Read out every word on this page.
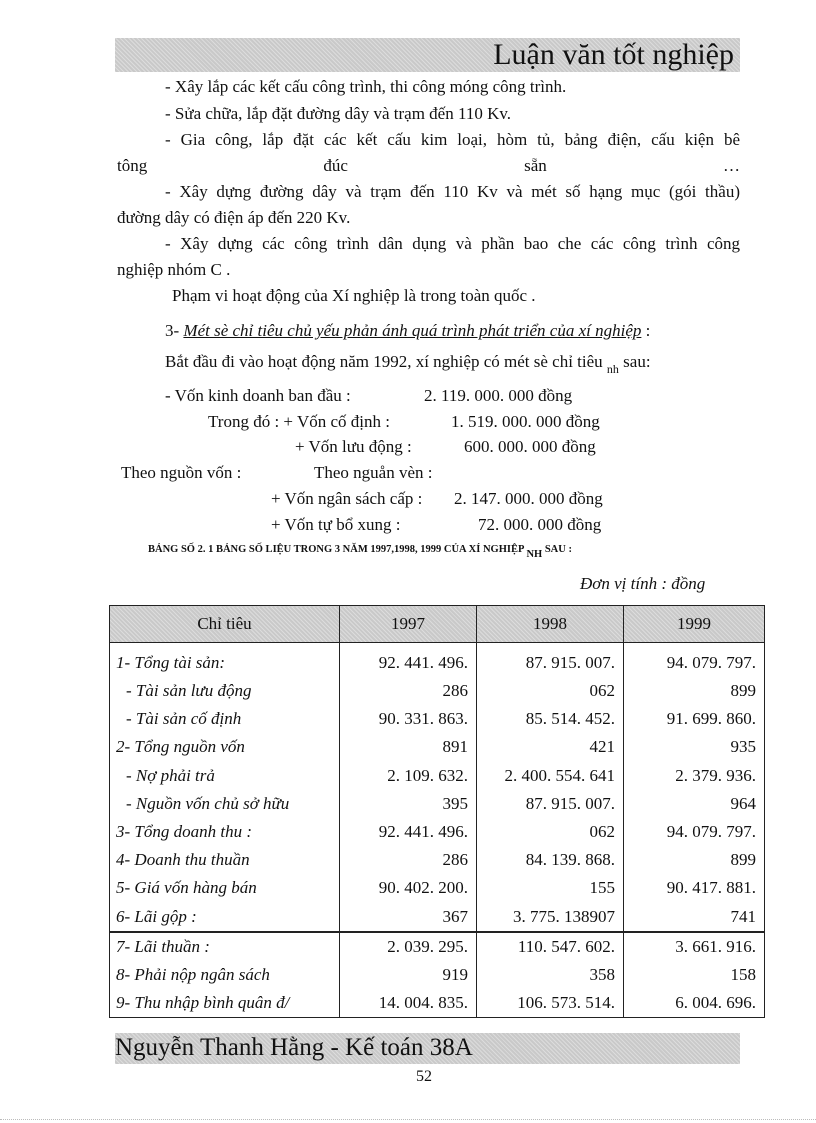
Luận văn tốt nghiệp
- Xây lắp các kết cấu công trình, thi công móng công trình.
- Sửa chữa, lắp đặt đường dây và trạm đến 110 Kv.
- Gia công, lắp đặt các kết cấu kim loại, hòm tủ, bảng điện, cấu kiện bê
tông đúc sẵn …
- Xây dựng đường dây và trạm đến 110 Kv và mét số hạng mục (gói thầu)
đường dây có điện áp đến 220 Kv.
- Xây dựng các công trình dân dụng và phần bao che các công trình công
nghiệp nhóm C .
Phạm vi hoạt động của Xí nghiệp là trong toàn quốc .
3- Mét sè chỉ tiêu chủ yếu phản ánh quá trình phát triển của xí nghiệp :
Bắt đầu đi vào hoạt động năm 1992, xí nghiệp có mét sè chỉ tiêu $_{nh}$ sau:
- Vốn kinh doanh ban đầu :	2. 119. 000. 000 đồng
Trong đó : + Vốn cố định :	1. 519. 000. 000 đồng
+ Vốn lưu động :	600. 000. 000 đồng
Theo nguồn vốn :	Theo nguån vèn :
+ Vốn ngân sách cấp : 2. 147. 000. 000 đồng
+ Vốn tự bổ xung :	72. 000. 000 đồng
BẢNG SỐ 2. 1 BẢNG SỐ LIỆU TRONG 3 NĂM 1997,1998, 1999 CỦA XÍ NGHIỆP NH SAU :
Đơn vị tính : đồng
Chỉ tiêu	1997	1998	1999
1- Tổng tài sản:	92. 441. 496.	87. 915. 007.	94. 079. 797.
- Tài sản lưu động	286	062	899
- Tài sản cố định	90. 331. 863.	85. 514. 452.	91. 699. 860.
2- Tổng nguồn vốn	891	421	935
- Nợ phải trả	2. 109. 632.	2. 400. 554. 641	2. 379. 936.
- Nguồn vốn chủ sở hữu	395	87. 915. 007.	964
3- Tổng doanh thu :	92. 441. 496.	062	94. 079. 797.
4- Doanh thu thuần	286	84. 139. 868.	899
5- Giá vốn hàng bán	90. 402. 200.	155	90. 417. 881.
6- Lãi gộp :	367	3. 775. 138907	741
7- Lãi thuần :	2. 039. 295.	110. 547. 602.	3. 661. 916.
8- Phải nộp ngân sách	919	358	158
9- Thu nhập bình quân đ/	14. 004. 835.	106. 573. 514.	6. 004. 696.
Nguyễn Thanh Hằng - Kế toán 38A
52
